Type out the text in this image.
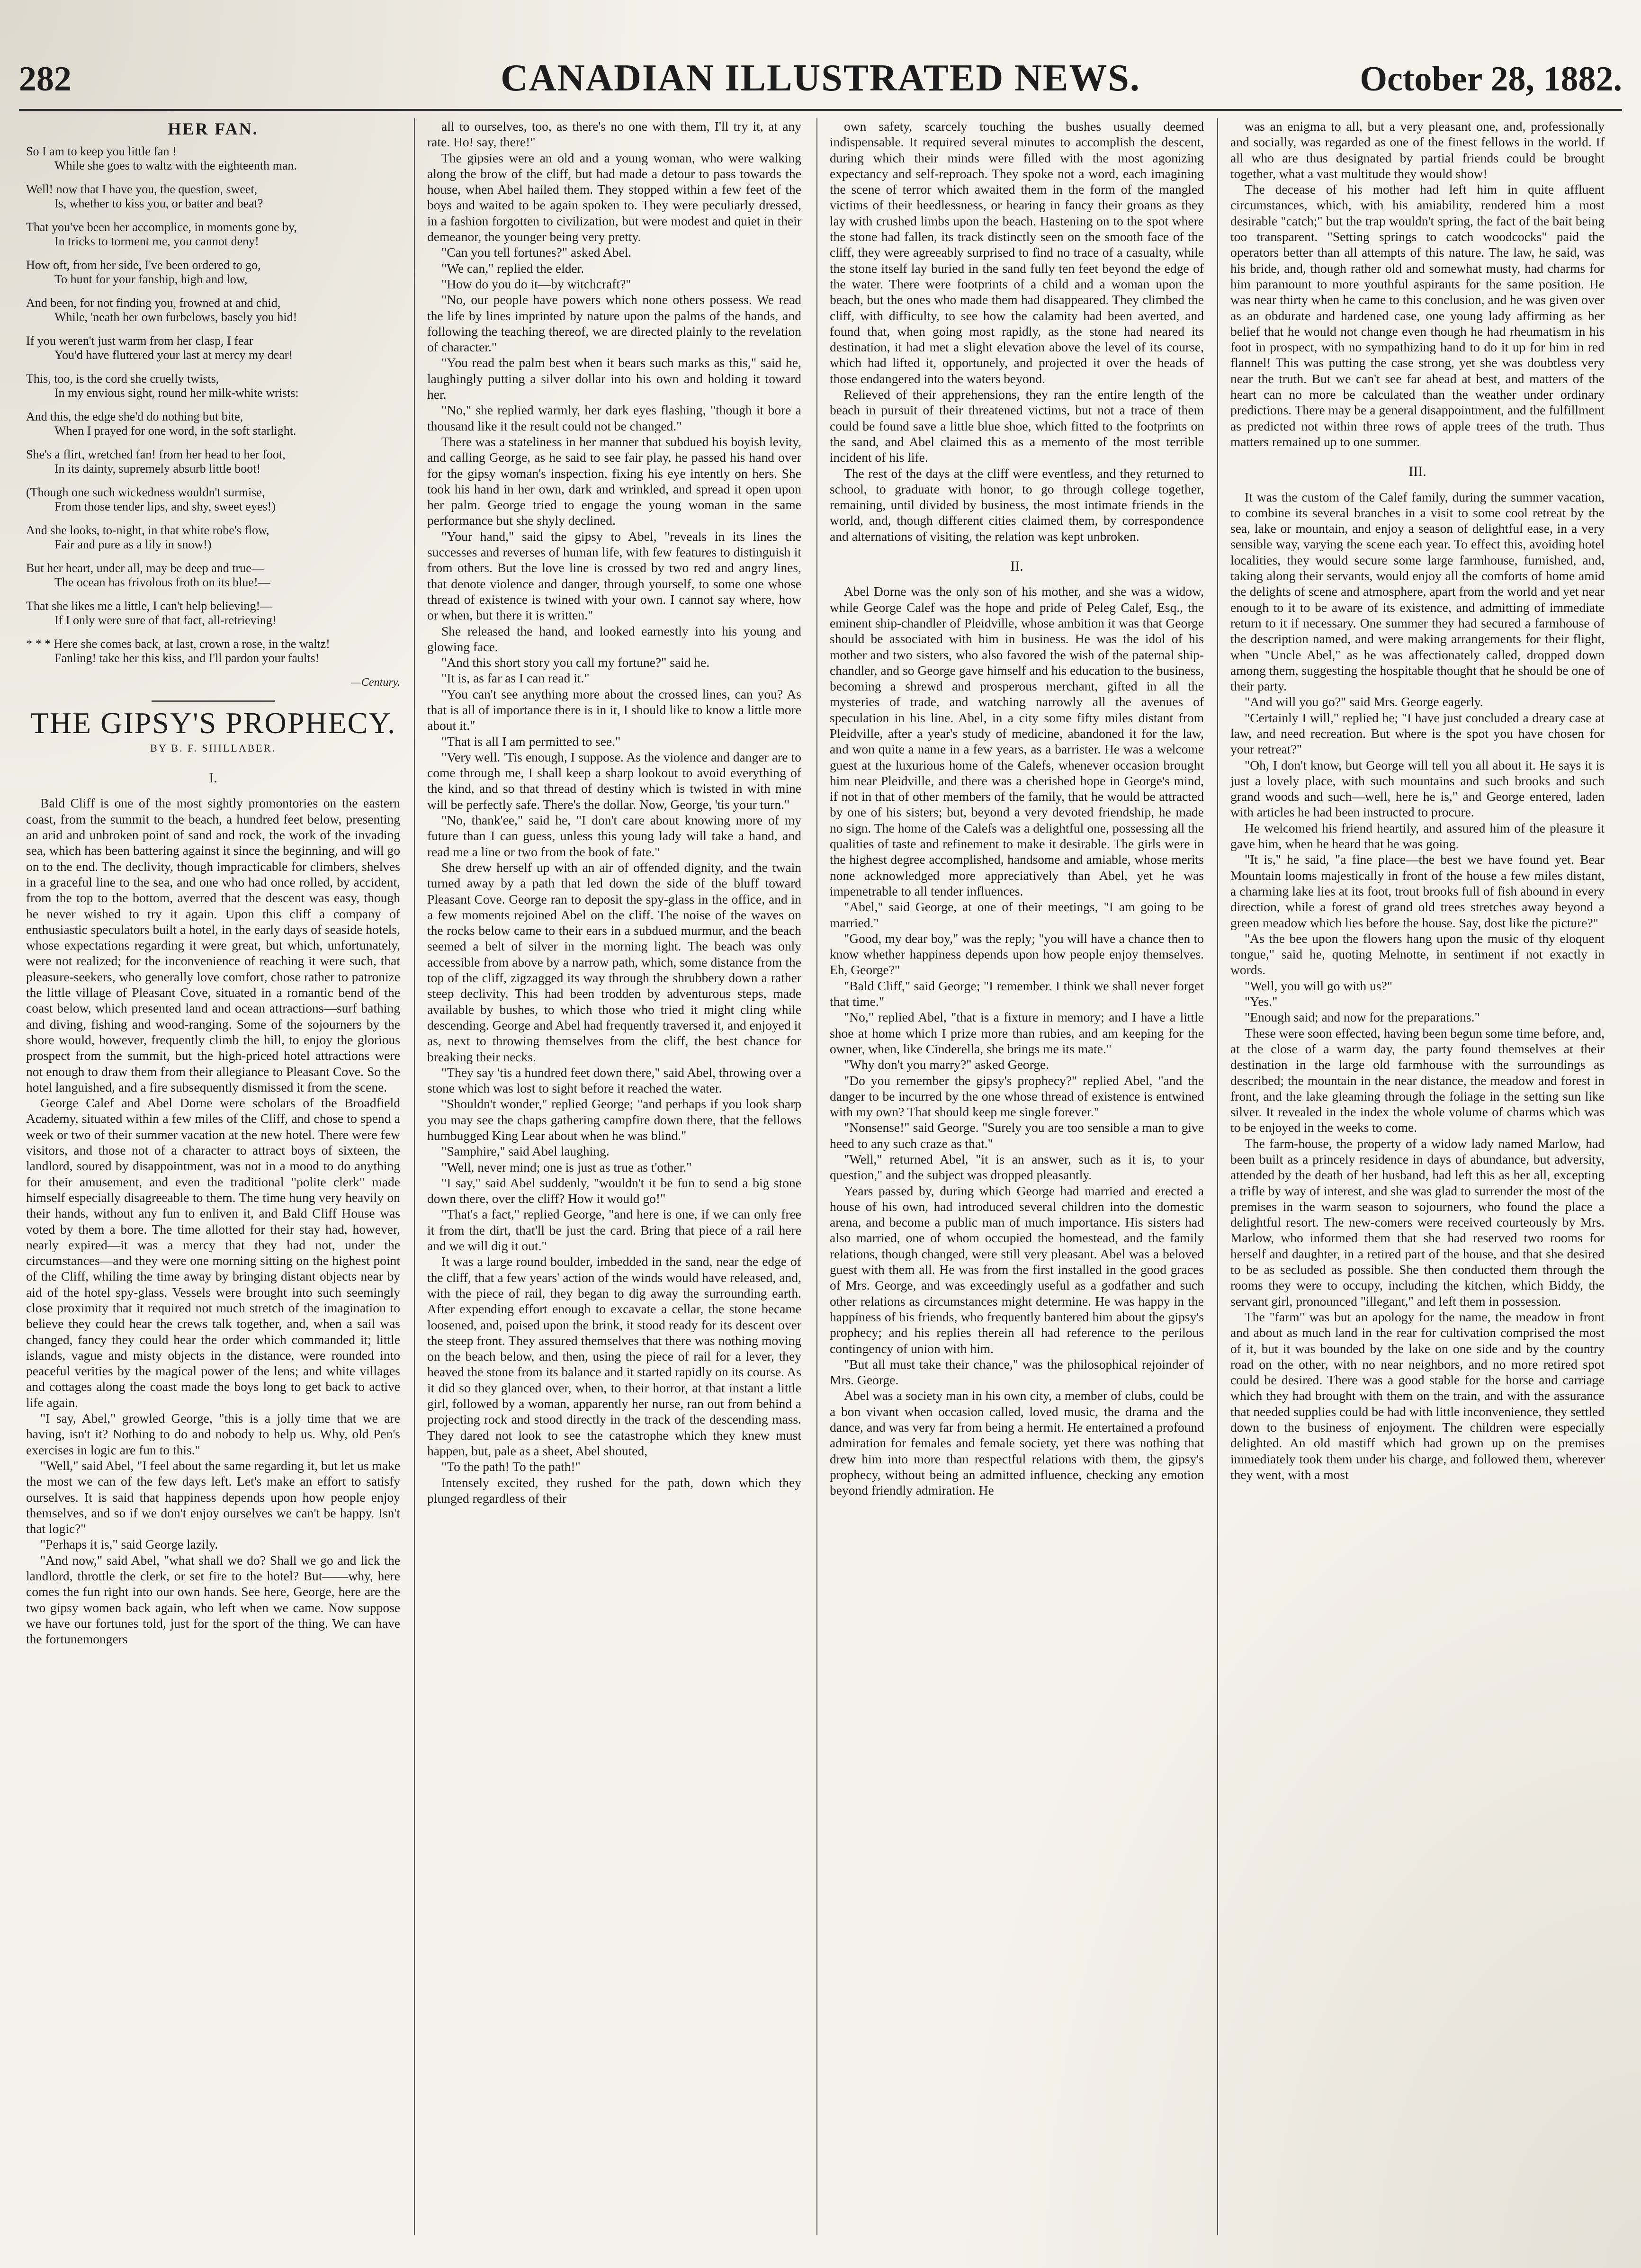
282	CANADIAN ILLUSTRATED NEWS.	October 28, 1882.
HER FAN.
So I am to keep you little fan !
While she goes to waltz with the eighteenth man.
Well! now that I have you, the question, sweet,
Is, whether to kiss you, or batter and beat?
That you've been her accomplice, in moments gone by,
In tricks to torment me, you cannot deny!
How oft, from her side, I've been ordered to go,
To hunt for your fanship, high and low,
And been, for not finding you, frowned at and chid,
While, 'neath her own furbelows, basely you hid!
If you weren't just warm from her clasp, I fear
You'd have fluttered your last at mercy my dear!
This, too, is the cord she cruelly twists,
In my envious sight, round her milk-white wrists:
And this, the edge she'd do nothing but bite,
When I prayed for one word, in the soft starlight.
She's a flirt, wretched fan! from her head to her foot,
In its dainty, supremely absurb little boot!
(Though one such wickedness wouldn't surmise,
From those tender lips, and shy, sweet eyes!)
And she looks, to-night, in that white robe's flow,
Fair and pure as a lily in snow!)
But her heart, under all, may be deep and true—
The ocean has frivolous froth on its blue!—
That she likes me a little, I can't help believing!—
If I only were sure of that fact, all-retrieving!
* * * Here she comes back, at last, crown a rose, in the waltz!
Fanling! take her this kiss, and I'll pardon your faults!
—Century.
THE GIPSY'S PROPHECY.
BY B. F. SHILLABER.
I.

Bald Cliff is one of the most sightly promontories on the eastern coast, from the summit to the beach, a hundred feet below, presenting an arid and unbroken point of sand and rock, the work of the invading sea, which has been battering against it since the beginning, and will go on to the end. The declivity, though impracticable for climbers, shelves in a graceful line to the sea, and one who had once rolled, by accident, from the top to the bottom, averred that the descent was easy, though he never wished to try it again. Upon this cliff a company of enthusiastic speculators built a hotel, in the early days of seaside hotels, whose expectations regarding it were great, but which, unfortunately, were not realized; for the inconvenience of reaching it were such, that pleasure-seekers, who generally love comfort, chose rather to patronize the little village of Pleasant Cove, situated in a romantic bend of the coast below, which presented land and ocean attractions—surf bathing and diving, fishing and wood-ranging. Some of the sojourners by the shore would, however, frequently climb the hill, to enjoy the glorious prospect from the summit, but the high-priced hotel attractions were not enough to draw them from their allegiance to Pleasant Cove. So the hotel languished, and a fire subsequently dismissed it from the scene.

George Calef and Abel Dorne were scholars of the Broadfield Academy, situated within a few miles of the Cliff, and chose to spend a week or two of their summer vacation at the new hotel. There were few visitors, and those not of a character to attract boys of sixteen, the landlord, soured by disappointment, was not in a mood to do anything for their amusement, and even the traditional "polite clerk" made himself especially disagreeable to them. The time hung very heavily on their hands, without any fun to enliven it, and Bald Cliff House was voted by them a bore. The time allotted for their stay had, however, nearly expired—it was a mercy that they had not, under the circumstances—and they were one morning sitting on the highest point of the Cliff, whiling the time away by bringing distant objects near by aid of the hotel spy-glass. Vessels were brought into such seemingly close proximity that it required not much stretch of the imagination to believe they could hear the crews talk together, and, when a sail was changed, fancy they could hear the order which commanded it; little islands, vague and misty objects in the distance, were rounded into peaceful verities by the magical power of the lens; and white villages and cottages along the coast made the boys long to get back to active life again.

"I say, Abel," growled George, "this is a jolly time that we are having, isn't it? Nothing to do and nobody to help us. Why, old Pen's exercises in logic are fun to this."

"Well," said Abel, "I feel about the same regarding it, but let us make the most we can of the few days left. Let's make an effort to satisfy ourselves. It is said that happiness depends upon how people enjoy themselves, and so if we don't enjoy ourselves we can't be happy. Isn't that logic?"

"Perhaps it is," said George lazily.

"And now," said Abel, "what shall we do? Shall we go and lick the landlord, throttle the clerk, or set fire to the hotel? But——why, here comes the fun right into our own hands. See here, George, here are the two gipsy women back again, who left when we came. Now suppose we have our fortunes told, just for the sport of the thing. We can have the fortunemongers

all to ourselves, too, as there's no one with them, I'll try it, at any rate. Ho! say, there!"

The gipsies were an old and a young woman, who were walking along the brow of the cliff, but had made a detour to pass towards the house, when Abel hailed them. They stopped within a few feet of the boys and waited to be again spoken to. They were peculiarly dressed, in a fashion forgotten to civilization, but were modest and quiet in their demeanor, the younger being very pretty.

"Can you tell fortunes?" asked Abel.

"We can," replied the elder.

"How do you do it—by witchcraft?"

"No, our people have powers which none others possess. We read the life by lines imprinted by nature upon the palms of the hands, and following the teaching thereof, we are directed plainly to the revelation of character."

"You read the palm best when it bears such marks as this," said he, laughingly putting a silver dollar into his own and holding it toward her.

"No," she replied warmly, her dark eyes flashing, "though it bore a thousand like it the result could not be changed."

There was a stateliness in her manner that subdued his boyish levity, and calling George, as he said to see fair play, he passed his hand over for the gipsy woman's inspection, fixing his eye intently on hers. She took his hand in her own, dark and wrinkled, and spread it open upon her palm. George tried to engage the young woman in the same performance but she shyly declined.

"Your hand," said the gipsy to Abel, "reveals in its lines the successes and reverses of human life, with few features to distinguish it from others. But the love line is crossed by two red and angry lines, that denote violence and danger, through yourself, to some one whose thread of existence is twined with your own. I cannot say where, how or when, but there it is written."

She released the hand, and looked earnestly into his young and glowing face.

"And this short story you call my fortune?" said he.

"It is, as far as I can read it."

"You can't see anything more about the crossed lines, can you? As that is all of importance there is in it, I should like to know a little more about it."

"That is all I am permitted to see."

"Very well. 'Tis enough, I suppose. As the violence and danger are to come through me, I shall keep a sharp lookout to avoid everything of the kind, and so that thread of destiny which is twisted in with mine will be perfectly safe. There's the dollar. Now, George, 'tis your turn."

"No, thank'ee," said he, "I don't care about knowing more of my future than I can guess, unless this young lady will take a hand, and read me a line or two from the book of fate."

She drew herself up with an air of offended dignity, and the twain turned away by a path that led down the side of the bluff toward Pleasant Cove. George ran to deposit the spy-glass in the office, and in a few moments rejoined Abel on the cliff. The noise of the waves on the rocks below came to their ears in a subdued murmur, and the beach seemed a belt of silver in the morning light. The beach was only accessible from above by a narrow path, which, some distance from the top of the cliff, zigzagged its way through the shrubbery down a rather steep declivity. This had been trodden by adventurous steps, made available by bushes, to which those who tried it might cling while descending. George and Abel had frequently traversed it, and enjoyed it as, next to throwing themselves from the cliff, the best chance for breaking their necks.

"They say 'tis a hundred feet down there," said Abel, throwing over a stone which was lost to sight before it reached the water.

"Shouldn't wonder," replied George; "and perhaps if you look sharp you may see the chaps gathering campfire down there, that the fellows humbugged King Lear about when he was blind."

"Samphire," said Abel laughing.

"Well, never mind; one is just as true as t'other."

"I say," said Abel suddenly, "wouldn't it be fun to send a big stone down there, over the cliff? How it would go!"

"That's a fact," replied George, "and here is one, if we can only free it from the dirt, that'll be just the card. Bring that piece of a rail here and we will dig it out."

It was a large round boulder, imbedded in the sand, near the edge of the cliff, that a few years' action of the winds would have released, and, with the piece of rail, they began to dig away the surrounding earth. After expending effort enough to excavate a cellar, the stone became loosened, and, poised upon the brink, it stood ready for its descent over the steep front. They assured themselves that there was nothing moving on the beach below, and then, using the piece of rail for a lever, they heaved the stone from its balance and it started rapidly on its course. As it did so they glanced over, when, to their horror, at that instant a little girl, followed by a woman, apparently her nurse, ran out from behind a projecting rock and stood directly in the track of the descending mass. They dared not look to see the catastrophe which they knew must happen, but, pale as a sheet, Abel shouted,

"To the path! To the path!"

Intensely excited, they rushed for the path, down which they plunged regardless of their

own safety, scarcely touching the bushes usually deemed indispensable. It required several minutes to accomplish the descent, during which their minds were filled with the most agonizing expectancy and self-reproach. They spoke not a word, each imagining the scene of terror which awaited them in the form of the mangled victims of their heedlessness, or hearing in fancy their groans as they lay with crushed limbs upon the beach. Hastening on to the spot where the stone had fallen, its track distinctly seen on the smooth face of the cliff, they were agreeably surprised to find no trace of a casualty, while the stone itself lay buried in the sand fully ten feet beyond the edge of the water. There were footprints of a child and a woman upon the beach, but the ones who made them had disappeared. They climbed the cliff, with difficulty, to see how the calamity had been averted, and found that, when going most rapidly, as the stone had neared its destination, it had met a slight elevation above the level of its course, which had lifted it, opportunely, and projected it over the heads of those endangered into the waters beyond.

Relieved of their apprehensions, they ran the entire length of the beach in pursuit of their threatened victims, but not a trace of them could be found save a little blue shoe, which fitted to the footprints on the sand, and Abel claimed this as a memento of the most terrible incident of his life.

The rest of the days at the cliff were eventless, and they returned to school, to graduate with honor, to go through college together, remaining, until divided by business, the most intimate friends in the world, and, though different cities claimed them, by correspondence and alternations of visiting, the relation was kept unbroken.

II.

Abel Dorne was the only son of his mother, and she was a widow, while George Calef was the hope and pride of Peleg Calef, Esq., the eminent ship-chandler of Pleidville, whose ambition it was that George should be associated with him in business. He was the idol of his mother and two sisters, who also favored the wish of the paternal ship-chandler, and so George gave himself and his education to the business, becoming a shrewd and prosperous merchant, gifted in all the mysteries of trade, and watching narrowly all the avenues of speculation in his line. Abel, in a city some fifty miles distant from Pleidville, after a year's study of medicine, abandoned it for the law, and won quite a name in a few years, as a barrister. He was a welcome guest at the luxurious home of the Calefs, whenever occasion brought him near Pleidville, and there was a cherished hope in George's mind, if not in that of other members of the family, that he would be attracted by one of his sisters; but, beyond a very devoted friendship, he made no sign. The home of the Calefs was a delightful one, possessing all the qualities of taste and refinement to make it desirable. The girls were in the highest degree accomplished, handsome and amiable, whose merits none acknowledged more appreciatively than Abel, yet he was impenetrable to all tender influences.

"Abel," said George, at one of their meetings, "I am going to be married."

"Good, my dear boy," was the reply; "you will have a chance then to know whether happiness depends upon how people enjoy themselves. Eh, George?"

"Bald Cliff," said George; "I remember. I think we shall never forget that time."

"No," replied Abel, "that is a fixture in memory; and I have a little shoe at home which I prize more than rubies, and am keeping for the owner, when, like Cinderella, she brings me its mate."

"Why don't you marry?" asked George.

"Do you remember the gipsy's prophecy?" replied Abel, "and the danger to be incurred by the one whose thread of existence is entwined with my own? That should keep me single forever."

"Nonsense!" said George. "Surely you are too sensible a man to give heed to any such craze as that."

"Well," returned Abel, "it is an answer, such as it is, to your question," and the subject was dropped pleasantly.

Years passed by, during which George had married and erected a house of his own, had introduced several children into the domestic arena, and become a public man of much importance. His sisters had also married, one of whom occupied the homestead, and the family relations, though changed, were still very pleasant. Abel was a beloved guest with them all. He was from the first installed in the good graces of Mrs. George, and was exceedingly useful as a godfather and such other relations as circumstances might determine. He was happy in the happiness of his friends, who frequently bantered him about the gipsy's prophecy; and his replies therein all had reference to the perilous contingency of union with him.

"But all must take their chance," was the philosophical rejoinder of Mrs. George.

Abel was a society man in his own city, a member of clubs, could be a bon vivant when occasion called, loved music, the drama and the dance, and was very far from being a hermit. He entertained a profound admiration for females and female society, yet there was nothing that drew him into more than respectful relations with them, the gipsy's prophecy, without being an admitted influence, checking any emotion beyond friendly admiration. He

was an enigma to all, but a very pleasant one, and, professionally and socially, was regarded as one of the finest fellows in the world. If all who are thus designated by partial friends could be brought together, what a vast multitude they would show!

The decease of his mother had left him in quite affluent circumstances, which, with his amiability, rendered him a most desirable "catch;" but the trap wouldn't spring, the fact of the bait being too transparent. "Setting springs to catch woodcocks" paid the operators better than all attempts of this nature. The law, he said, was his bride, and, though rather old and somewhat musty, had charms for him paramount to more youthful aspirants for the same position. He was near thirty when he came to this conclusion, and he was given over as an obdurate and hardened case, one young lady affirming as her belief that he would not change even though he had rheumatism in his foot in prospect, with no sympathizing hand to do it up for him in red flannel! This was putting the case strong, yet she was doubtless very near the truth. But we can't see far ahead at best, and matters of the heart can no more be calculated than the weather under ordinary predictions. There may be a general disappointment, and the fulfillment as predicted not within three rows of apple trees of the truth. Thus matters remained up to one summer.

III.

It was the custom of the Calef family, during the summer vacation, to combine its several branches in a visit to some cool retreat by the sea, lake or mountain, and enjoy a season of delightful ease, in a very sensible way, varying the scene each year. To effect this, avoiding hotel localities, they would secure some large farmhouse, furnished, and, taking along their servants, would enjoy all the comforts of home amid the delights of scene and atmosphere, apart from the world and yet near enough to it to be aware of its existence, and admitting of immediate return to it if necessary. One summer they had secured a farmhouse of the description named, and were making arrangements for their flight, when "Uncle Abel," as he was affectionately called, dropped down among them, suggesting the hospitable thought that he should be one of their party.

"And will you go?" said Mrs. George eagerly.

"Certainly I will," replied he; "I have just concluded a dreary case at law, and need recreation. But where is the spot you have chosen for your retreat?"

"Oh, I don't know, but George will tell you all about it. He says it is just a lovely place, with such mountains and such brooks and such grand woods and such—well, here he is," and George entered, laden with articles he had been instructed to procure.

He welcomed his friend heartily, and assured him of the pleasure it gave him, when he heard that he was going.

"It is," he said, "a fine place—the best we have found yet. Bear Mountain looms majestically in front of the house a few miles distant, a charming lake lies at its foot, trout brooks full of fish abound in every direction, while a forest of grand old trees stretches away beyond a green meadow which lies before the house. Say, dost like the picture?"

"As the bee upon the flowers hang upon the music of thy eloquent tongue," said he, quoting Melnotte, in sentiment if not exactly in words.

"Well, you will go with us?"

"Yes."

"Enough said; and now for the preparations."

These were soon effected, having been begun some time before, and, at the close of a warm day, the party found themselves at their destination in the large old farmhouse with the surroundings as described; the mountain in the near distance, the meadow and forest in front, and the lake gleaming through the foliage in the setting sun like silver. It revealed in the index the whole volume of charms which was to be enjoyed in the weeks to come.

The farm-house, the property of a widow lady named Marlow, had been built as a princely residence in days of abundance, but adversity, attended by the death of her husband, had left this as her all, excepting a trifle by way of interest, and she was glad to surrender the most of the premises in the warm season to sojourners, who found the place a delightful resort. The new-comers were received courteously by Mrs. Marlow, who informed them that she had reserved two rooms for herself and daughter, in a retired part of the house, and that she desired to be as secluded as possible. She then conducted them through the rooms they were to occupy, including the kitchen, which Biddy, the servant girl, pronounced "illegant," and left them in possession.

The "farm" was but an apology for the name, the meadow in front and about as much land in the rear for cultivation comprised the most of it, but it was bounded by the lake on one side and by the country road on the other, with no near neighbors, and no more retired spot could be desired. There was a good stable for the horse and carriage which they had brought with them on the train, and with the assurance that needed supplies could be had with little inconvenience, they settled down to the business of enjoyment. The children were especially delighted. An old mastiff which had grown up on the premises immediately took them under his charge, and followed them, wherever they went, with a most
